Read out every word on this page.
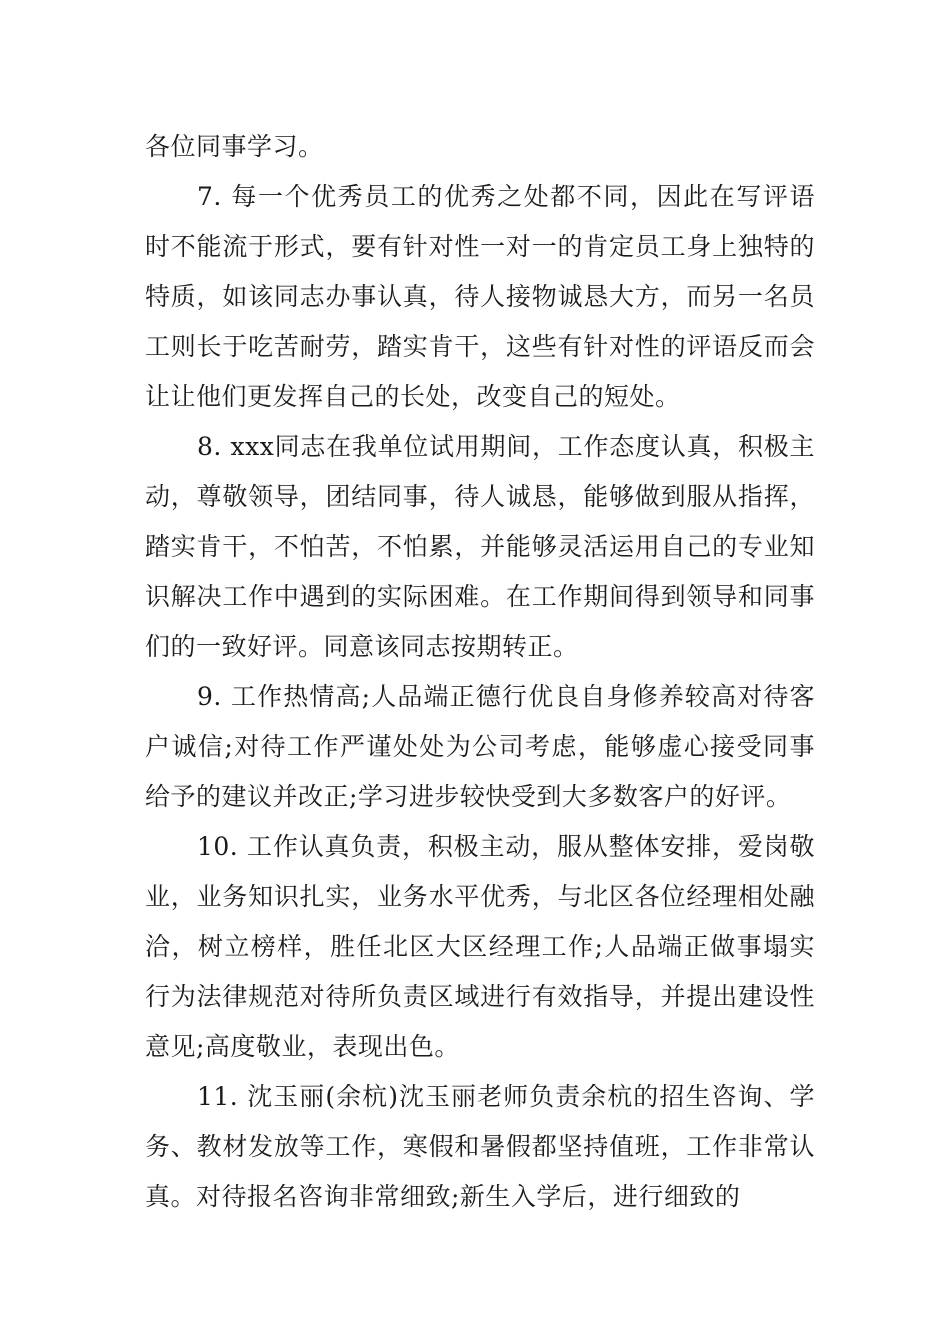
各位同事学习。

7. 每一个优秀员工的优秀之处都不同，因此在写评语时不能流于形式，要有针对性一对一的肯定员工身上独特的特质，如该同志办事认真，待人接物诚恳大方，而另一名员工则长于吃苦耐劳，踏实肯干，这些有针对性的评语反而会让让他们更发挥自己的长处，改变自己的短处。

8. xxx同志在我单位试用期间，工作态度认真，积极主动，尊敬领导，团结同事，待人诚恳，能够做到服从指挥，踏实肯干，不怕苦，不怕累，并能够灵活运用自己的专业知识解决工作中遇到的实际困难。在工作期间得到领导和同事们的一致好评。同意该同志按期转正。

9. 工作热情高;人品端正德行优良自身修养较高对待客户诚信;对待工作严谨处处为公司考虑，能够虚心接受同事给予的建议并改正;学习进步较快受到大多数客户的好评。

10. 工作认真负责，积极主动，服从整体安排，爱岗敬业，业务知识扎实，业务水平优秀，与北区各位经理相处融洽，树立榜样，胜任北区大区经理工作;人品端正做事塌实行为法律规范对待所负责区域进行有效指导，并提出建设性意见;高度敬业，表现出色。

11. 沈玉丽(余杭)沈玉丽老师负责余杭的招生咨询、学务、教材发放等工作，寒假和暑假都坚持值班，工作非常认真。对待报名咨询非常细致;新生入学后，进行细致的
